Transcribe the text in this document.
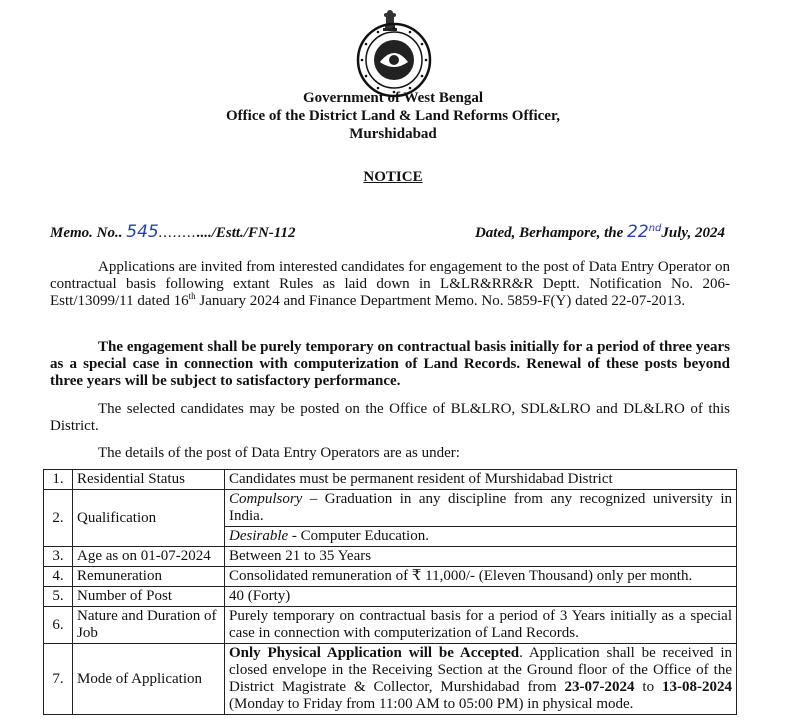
Government of West Bengal
Office of the District Land & Land Reforms Officer,
Murshidabad
NOTICE
Memo. No.. 545............/Estt./FN-112	Dated, Berhampore, the 22ndJuly, 2024
Applications are invited from interested candidates for engagement to the post of Data Entry Operator on contractual basis following extant Rules as laid down in L&LR&RR&R Deptt. Notification No. 206-Estt/13099/11 dated 16th January 2024 and Finance Department Memo. No. 5859-F(Y) dated 22-07-2013.
The engagement shall be purely temporary on contractual basis initially for a period of three years as a special case in connection with computerization of Land Records. Renewal of these posts beyond three years will be subject to satisfactory performance.
The selected candidates may be posted on the Office of BL&LRO, SDL&LRO and DL&LRO of this District.
The details of the post of Data Entry Operators are as under:
1.	Residential Status	Candidates must be permanent resident of Murshidabad District
2.	Qualification	Compulsory – Graduation in any discipline from any recognized university in India.
		Desirable - Computer Education.
3.	Age as on 01-07-2024	Between 21 to 35 Years
4.	Remuneration	Consolidated remuneration of ₹ 11,000/- (Eleven Thousand) only per month.
5.	Number of Post	40 (Forty)
6.	Nature and Duration of Job	Purely temporary on contractual basis for a period of 3 Years initially as a special case in connection with computerization of Land Records.
7.	Mode of Application	Only Physical Application will be Accepted. Application shall be received in closed envelope in the Receiving Section at the Ground floor of the Office of the District Magistrate & Collector, Murshidabad from 23-07-2024 to 13-08-2024 (Monday to Friday from 11:00 AM to 05:00 PM) in physical mode.
